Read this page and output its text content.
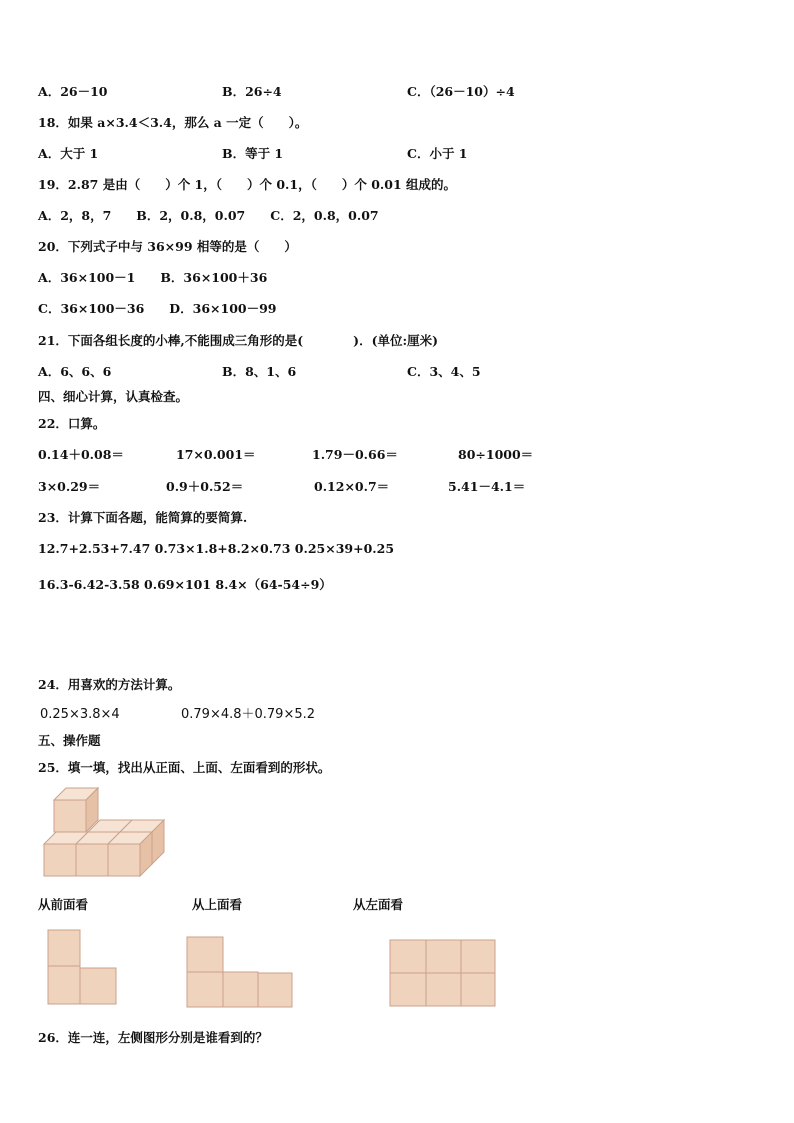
A．26－10	B．26÷4	C．（26－10）÷4
18．如果 a×3.4＜3.4，那么 a 一定（　　）。
A．大于 1	B．等于 1	C．小于 1
19．2.87 是由（　　）个 1，（　　）个 0.1，（　　）个 0.01 组成的。
A．2，8，7　　B．2，0.8，0.07　　C．2，0.8，0.07
20．下列式子中与 36×99 相等的是（　　）
A．36×100－1　　B．36×100＋36
C．36×100－36　　D．36×100－99
21．下面各组长度的小棒,不能围成三角形的是(　　　　)．(单位:厘米)
A．6、6、6	B．8、1、6	C．3、4、5
四、细心计算，认真检查。
22．口算。
0.14＋0.08＝	17×0.001＝	1.79－0.66＝	80÷1000＝
3×0.29＝	0.9＋0.52＝	0.12×0.7＝	5.41－4.1＝
23．计算下面各题，能简算的要简算.
12.7+2.53+7.47 0.73×1.8+8.2×0.73 0.25×39+0.25
16.3-6.42-3.58 0.69×101 8.4×（64-54÷9）
24．用喜欢的方法计算。
0.25×3.8×4	0.79×4.8＋0.79×5.2
五、操作题
25．填一填，找出从正面、上面、左面看到的形状。
从前面看	从上面看	从左面看
26．连一连，左侧图形分别是谁看到的？
